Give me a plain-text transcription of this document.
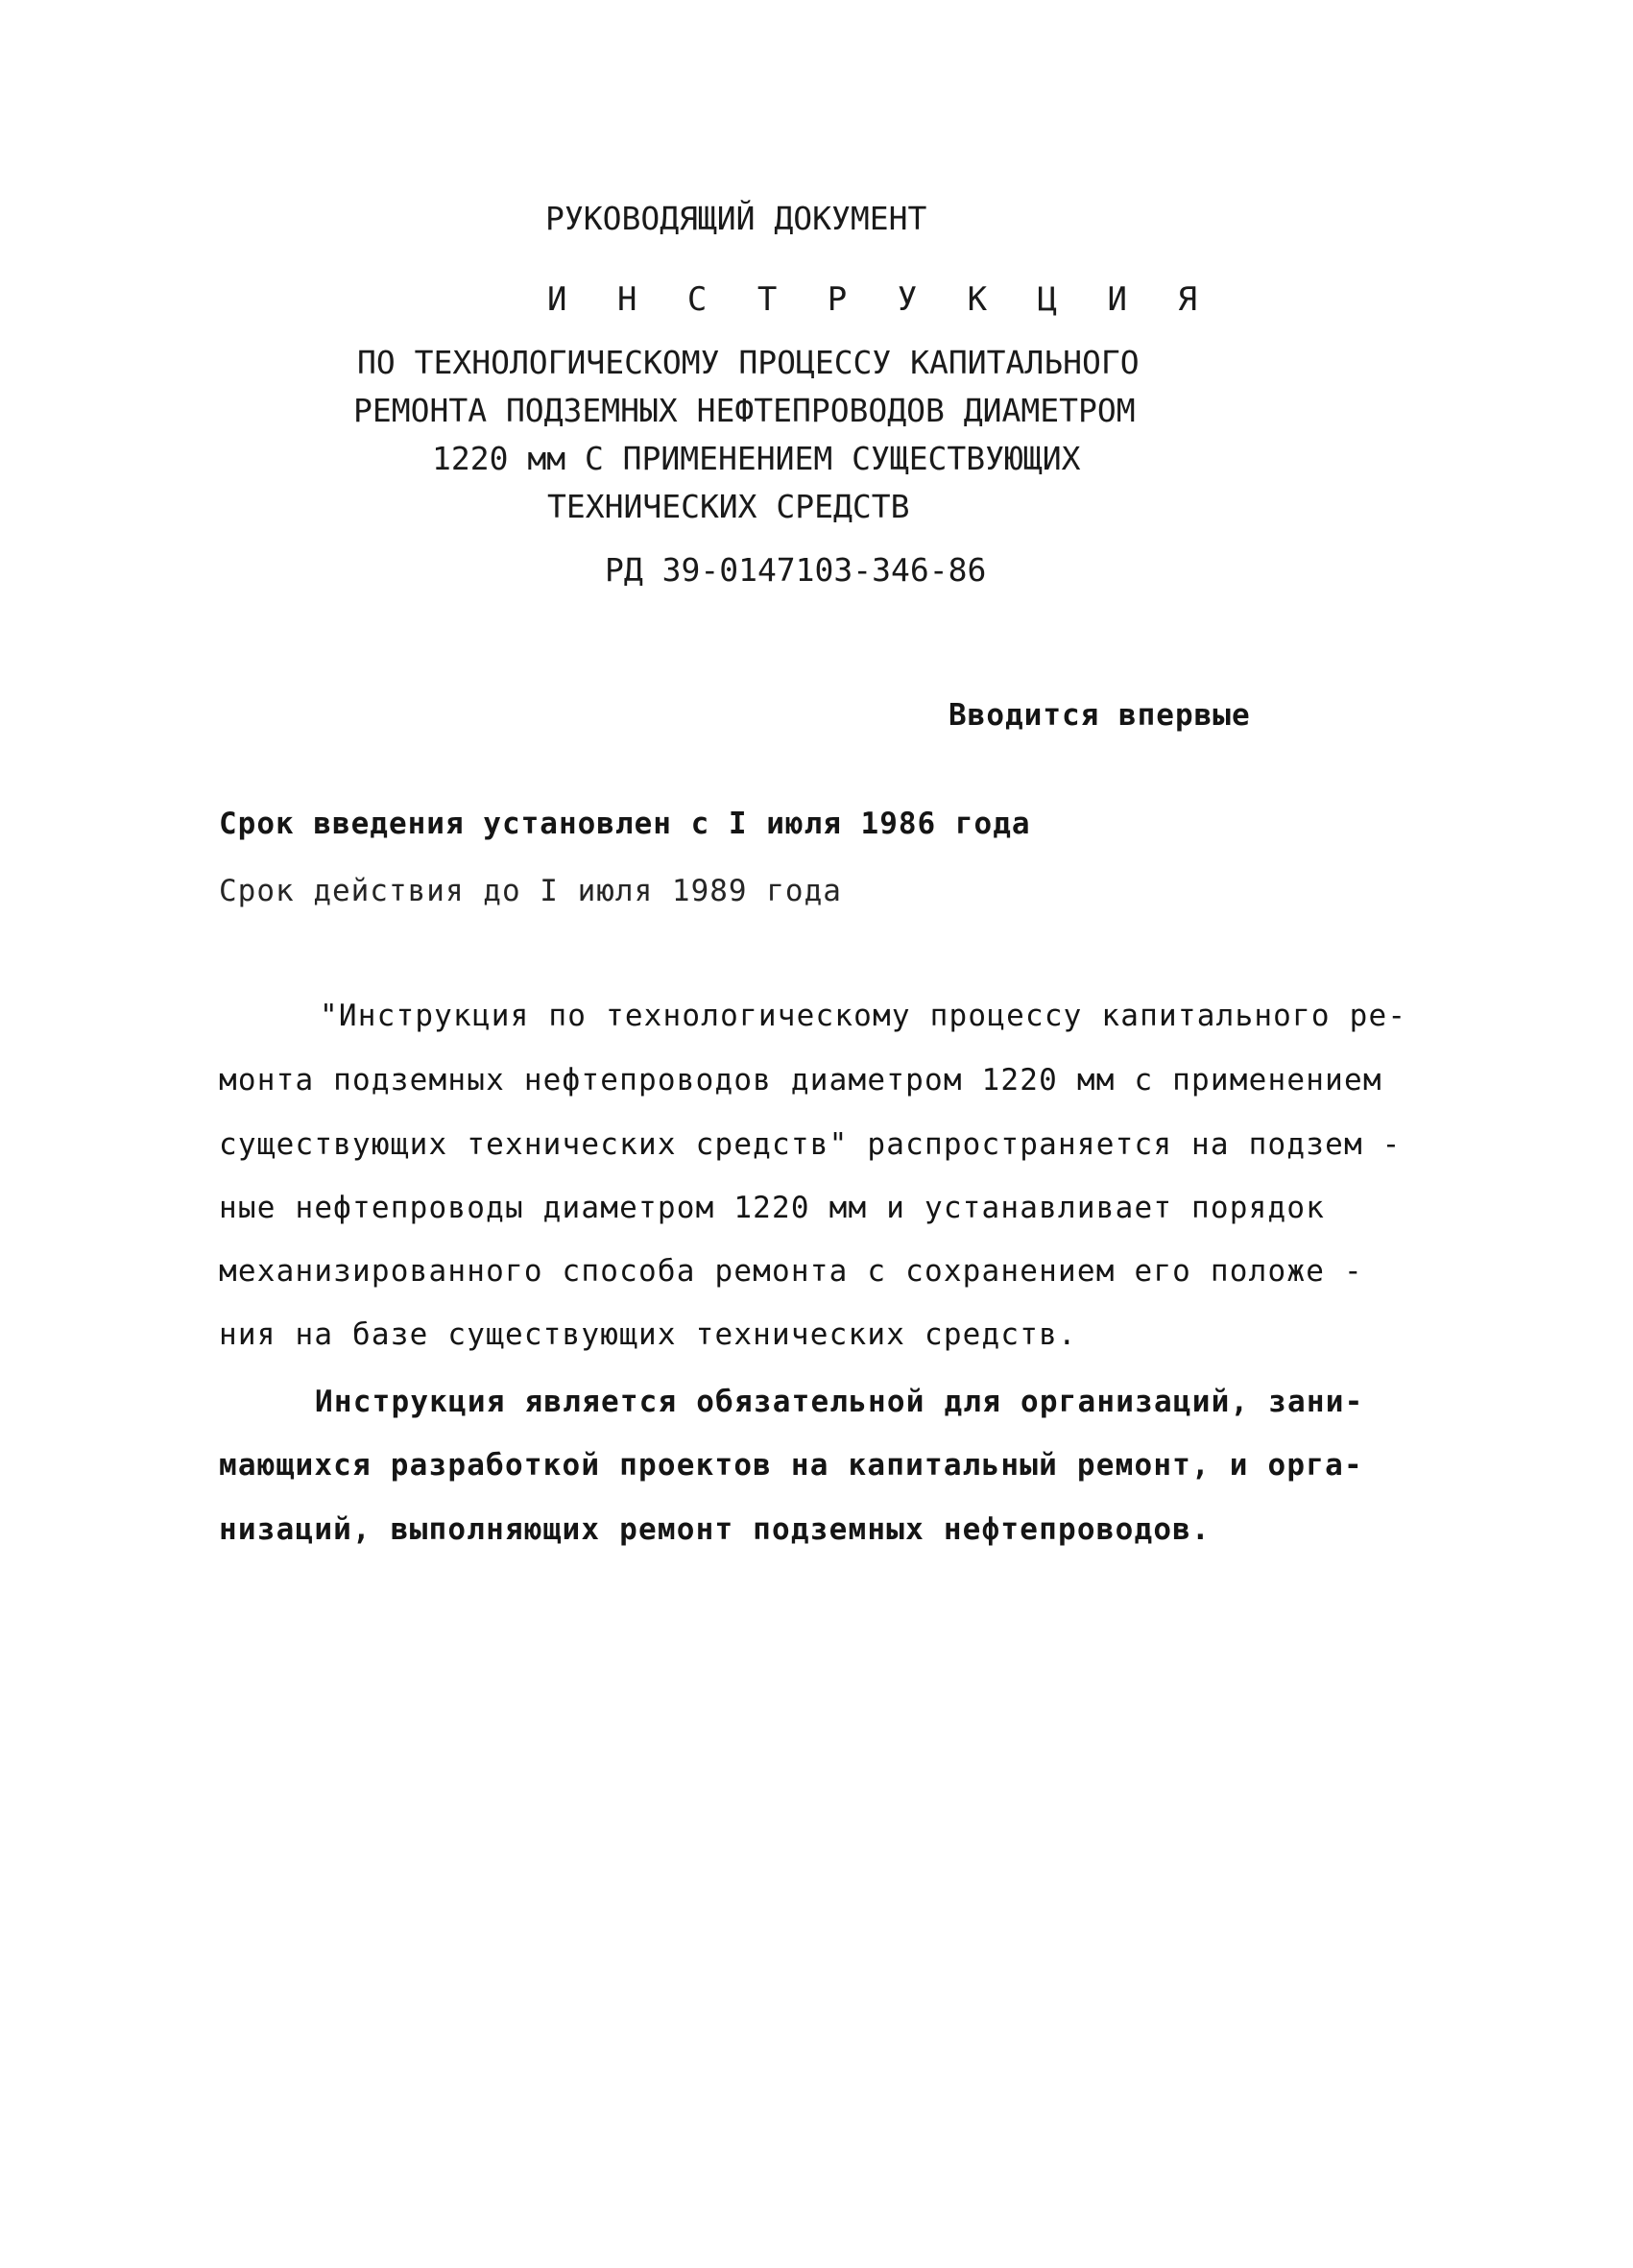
РУКОВОДЯЩИЙ ДОКУМЕНТ
И Н С Т Р У К Ц И Я
ПО ТЕХНОЛОГИЧЕСКОМУ ПРОЦЕССУ КАПИТАЛЬНОГО
РЕМОНТА ПОДЗЕМНЫХ НЕФТЕПРОВОДОВ ДИАМЕТРОМ
1220 мм С ПРИМЕНЕНИЕМ СУЩЕСТВУЮЩИХ
ТЕХНИЧЕСКИХ СРЕДСТВ
РД 39-0147103-346-86
Вводится впервые
Срок введения установлен с I июля 1986 года
Срок действия до I июля 1989 года
"Инструкция по технологическому процессу капитального ре-
монта подземных нефтепроводов диаметром 1220 мм с применением
существующих технических средств" распространяется на подзем -
ные нефтепроводы диаметром 1220 мм и устанавливает порядок
механизированного способа ремонта с сохранением его положе -
ния на базе существующих технических средств.
Инструкция является обязательной для организаций, зани-
мающихся разработкой проектов на капитальный ремонт, и орга-
низаций, выполняющих ремонт подземных нефтепроводов.
